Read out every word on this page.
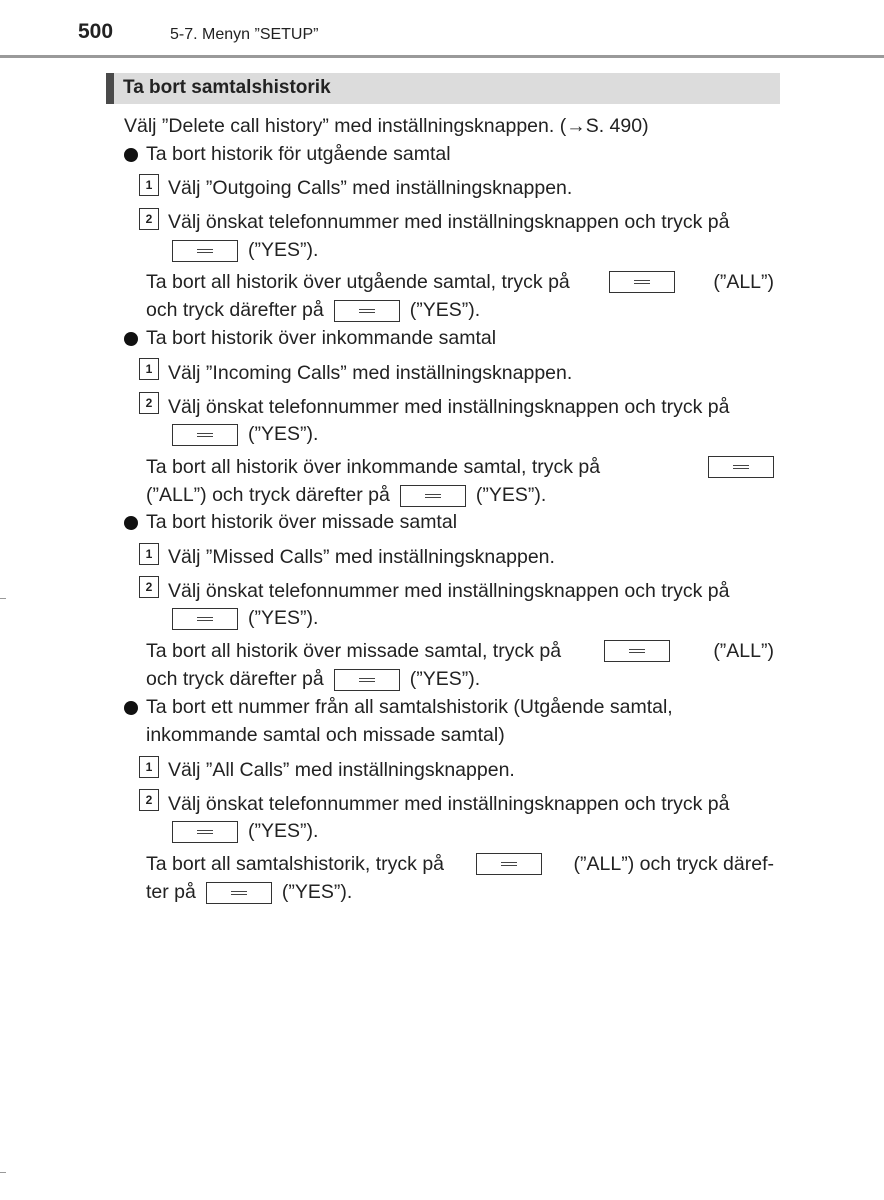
500	5-7. Menyn ”SETUP”
Ta bort samtalshistorik
Välj ”Delete call history” med inställningsknappen. (→S. 490)
Ta bort historik för utgående samtal
1 Välj ”Outgoing Calls” med inställningsknappen.
2 Välj önskat telefonnummer med inställningsknappen och tryck på
(”YES”).
Ta bort all historik över utgående samtal, tryck på	(”ALL”)
och tryck därefter på	(”YES”).
Ta bort historik över inkommande samtal
1 Välj ”Incoming Calls” med inställningsknappen.
2 Välj önskat telefonnummer med inställningsknappen och tryck på
(”YES”).
Ta bort all historik över inkommande samtal, tryck på
(”ALL”) och tryck därefter på	(”YES”).
Ta bort historik över missade samtal
1 Välj ”Missed Calls” med inställningsknappen.
2 Välj önskat telefonnummer med inställningsknappen och tryck på
(”YES”).
Ta bort all historik över missade samtal, tryck på	(”ALL”)
och tryck därefter på	(”YES”).
Ta bort ett nummer från all samtalshistorik (Utgående samtal,
inkommande samtal och missade samtal)
1 Välj ”All Calls” med inställningsknappen.
2 Välj önskat telefonnummer med inställningsknappen och tryck på
(”YES”).
Ta bort all samtalshistorik, tryck på	(”ALL”) och tryck däref-
ter på	(”YES”).
